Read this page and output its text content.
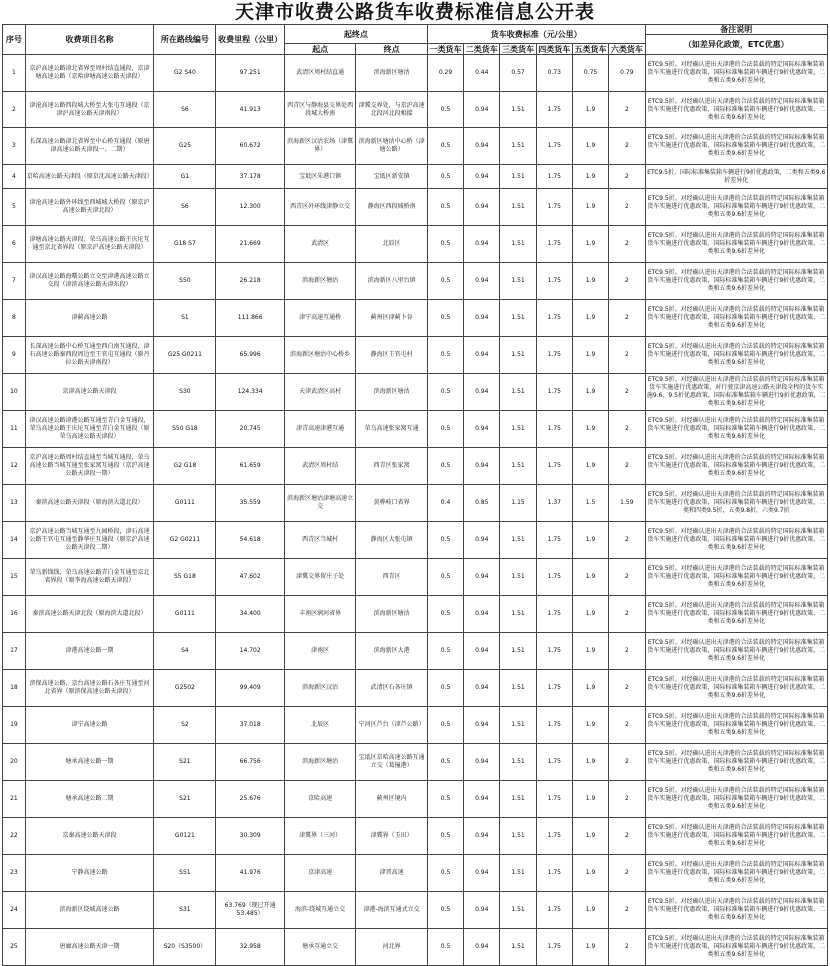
天津市收费公路货车收费标准信息公开表
序号	收费项目名称	所在路线编号	收费里程（公里）	起终点		货车收费标准（元/公里）						备注说明
												（如差异化政策，ETC优惠）
				起点	终点	一类货车	二类货车	三类货车	四类货车	五类货车	六类货车	
1	京沪高速公路津北省界至周村结直通段，京津塘高速公路（京哈津塘高速公路天津段）	G2 S40	97.251	武清区周村结直通	滨海新区塘沽	0.29	0.44	0.57	0.73	0.75	0.79	ETC9.5折。对经确认进出天津港的合法装载的特定国际标准集装箱货车实施进行优惠政策，国际标准集装箱车辆进行9折优惠政策，二类和五类9.6折差异化
2	津沧高速公路西段城大桥至大张屯互通段（京津沪高速公路天津南段）	S6	41.913	西青区与静海县交界处西段城大桥南	津冀交界处，与京沪高速北段河北段相接	0.5	0.94	1.51	1.75	1.9	2	ETC9.5折。对经确认进出天津港的合法装载的特定国际标准集装箱货车实施进行优惠政策，国际标准集装箱车辆进行9折优惠政策，二类和五类9.6折差异化
3	长深高速公路津北省界至中心桥互通段（原唐津高速公路天津段一、二期）	G25	60.672	滨海新区汉沽农场（津冀界）	滨海新区塘沽中心桥（津塘公路）	0.5	0.94	1.51	1.75	1.9	2	ETC9.5折。对经确认进出天津港的合法装载的特定国际标准集装箱货车实施进行优惠政策，国际标准集装箱车辆进行9折优惠政策，二类和五类9.6折差异化
4	京哈高速公路天津段（原京沈高速公路天津段）	G1	37.178	宝坻区朱港口镇	宝坻区新安镇	0.5	0.94	1.51	1.75	1.9	2	ETC9.5折。国际标准集装箱车辆进行9折优惠政策，二类和五类9.6折差异化
5	津沧高速公路外环线至西城城大桥段（原京沪高速公路天津北段）	S6	12.300	西青区外环线津静立交	静海区西段城桥南	0.5	0.94	1.51	1.75	1.9	2	ETC9.5折。对经确认进出天津港的合法装载的特定国际标准集装箱货车实施进行优惠政策，国际标准集装箱车辆进行9折优惠政策，二类和五类9.6折差异化
6	津塘高速公路天津段、荣乌高速公路王庆坨互通至京北省界段（原京沪高速公路天津段）	G18 S7	21.669	武清区	北辰区	0.5	0.94	1.51	1.75	1.9	2	ETC9.5折。对经确认进出天津港的合法装载的特定国际标准集装箱货车实施进行优惠政策，国际标准集装箱车辆进行9折优惠政策，二类和五类9.6折差异化
7	津汉高速公路海曙公路立交至津港高速公路立交段（津滨高速公路天津东段）	S50	26.218	滨海新区塘沽	滨海新区八里台镇	0.5	0.94	1.51	1.75	1.9	2	ETC9.5折。对经确认进出天津港的合法装载的特定国际标准集装箱货车实施进行优惠政策，国际标准集装箱车辆进行9折优惠政策，二类和五类9.6折差异化
8	津蓟高速公路	S1	111.866	津宁高速互通桥	蓟州区津蓟卜谷	0.5	0.94	1.51	1.75	1.9	2	ETC9.5折。对经确认进出天津港的合法装载的特定国际标准集装箱货车实施进行优惠政策，国际标准集装箱车辆进行9折优惠政策，二类和五类9.6折差异化
9	长深高速公路中心桥互通至西白南互通段，津石高速公路秦西段周边至王官屯互通段（原丹拉公路天津南段）	G25 G0211	65.996	滨海新区塘沽中心桥乡	静海区王官屯村	0.5	0.94	1.51	1.75	1.9	2	ETC9.5折。对经确认进出天津港的合法装载的特定国际标准集装箱货车实施进行优惠政策，国际标准集装箱车辆进行9折优惠政策，二类和五类9.6折差异化
10	京津高速公路天津段	S30	124.334	天津武清区高村	滨海新区塘沽	0.5	0.94	1.51	1.75	1.9	2	ETC9.5折。对经确认进出天津港的合法装载的特定国际标准集装箱货车实施进行优惠政策，对行驶京津高速公路天津段全程的货车实施9.6、9.5折优惠政策，国际标准集装箱车辆进行9折优惠政策，二类和五类9.6折差异化
11	津汉高速公路津港公路互通至青白金互通段，荣乌高速公路王庆坨互通至青白金互通段（原荣乌高速公路天津段）	S50 G18	20.745	津青高速津港互通	荣乌高速张家窝互通	0.5	0.94	1.51	1.75	1.9	2	ETC9.5折。对经确认进出天津港的合法装载的特定国际标准集装箱货车实施进行优惠政策，国际标准集装箱车辆进行9折优惠政策，二类和五类9.6折差异化
12	京沪高速公路周村结直通至当城互通段，荣乌高速公路当城互通至张家窝互通段（京沪高速公路天津段一期）	G2 G18	61.659	武清区周村结	西青区张家窝	0.5	0.94	1.51	1.75	1.9	2	ETC9.5折。对经确认进出天津港的合法装载的特定国际标准集装箱货车实施进行优惠政策，国际标准集装箱车辆进行9折优惠政策，二类和五类9.6折差异化
13	秦滨高速公路天津段（原海滨大道北段）	G0111	35.559	滨海新区塘沽津塘高速立交	黄骅岐口省界	0.4	0.85	1.15	1.37	1.5	1.59	ETC9.5折。对经确认进出天津港的合法装载的特定国际标准集装箱货车实施进行优惠政策，国际标准集装箱车辆进行9折优惠政策，二类和四类9.5折，五类9.8折，六类9.7折
14	京沪高速公路当城互通至九园桥段，津石高速公路王官屯互通至静华庄互通段（原京沪高速公路天津段二期）	G2 G0211	54.618	西青区当城村	静海区大张屯镇	0.5	0.94	1.51	1.75	1.9	2	ETC9.5折。对经确认进出天津港的合法装载的特定国际标准集装箱货车实施进行优惠政策，国际标准集装箱车辆进行9折优惠政策，二类和五类9.6折差异化
15	荣乌新线线，荣乌高速公路青白金互通至京北省界段（原李海高速公路天津段）	S5 G18	47.602	津冀交界留庄子处	西青区	0.5	0.94	1.51	1.75	1.9	2	ETC9.5折。对经确认进出天津港的合法装载的特定国际标准集装箱货车实施进行优惠政策，国际标准集装箱车辆进行9折优惠政策，二类和五类9.6折差异化
16	秦滨高速公路天津北段（原海滨大道北段）	G0111	34.400	丰南区润河省界	滨海新区塘沽	0.5	0.94	1.51	1.75	1.9	2	ETC9.5折。对经确认进出天津港的合法装载的特定国际标准集装箱货车实施进行优惠政策，国际标准集装箱车辆进行9折优惠政策，二类和五类9.6折差异化
17	津港高速公路一期	S4	14.702	津南区	滨海新区大港	0.5	0.94	1.51	1.75	1.9	2	ETC9.5折。对经确认进出天津港的合法装载的特定国际标准集装箱货车实施进行优惠政策，国际标准集装箱车辆进行9折优惠政策，二类和五类9.6折差异化
18	滨保高速公路，京台高速公路石各庄互通至河北省界（原滨保高速公路天津段）	G2502	99.409	滨海新区汉沽	武清区石各庄镇	0.5	0.94	1.51	1.75	1.9	2	ETC9.5折。对经确认进出天津港的合法装载的特定国际标准集装箱货车实施进行优惠政策，国际标准集装箱车辆进行9折优惠政策，二类和五类9.6折差异化
19	津宁高速公路	S2	37.018	北辰区	宁河区芦台（津芦公路）	0.5	0.94	1.51	1.75	1.9	2	ETC9.5折。对经确认进出天津港的合法装载的特定国际标准集装箱货车实施进行优惠政策，国际标准集装箱车辆进行9折优惠政策，二类和五类9.6折差异化
20	塘承高速公路一期	S21	66.756	滨海新区塘沽	宝坻区京哈高速公路互通立交（葛撞港）	0.5	0.94	1.51	1.75	1.9	2	ETC9.5折。对经确认进出天津港的合法装载的特定国际标准集装箱货车实施进行优惠政策，国际标准集装箱车辆进行9折优惠政策，二类和五类9.6折差异化
21	塘承高速公路二期	S21	25.676	京哈高速	蓟州区境内	0.5	0.94	1.51	1.75	1.9	2	ETC9.5折。对经确认进出天津港的合法装载的特定国际标准集装箱货车实施进行优惠政策，国际标准集装箱车辆进行9折优惠政策，二类和五类9.6折差异化
22	京秦高速公路天津段	G0121	30.309	津冀界（三河）	津冀界（玉田）	0.5	0.94	1.51	1.75	1.9	2	ETC9.5折。对经确认进出天津港的合法装载的特定国际标准集装箱货车实施进行优惠政策，国际标准集装箱车辆进行9折优惠政策，二类和五类9.6折差异化
23	宁静高速公路	S51	41.976	京津高速	津晋高速	0.5	0.94	1.51	1.75	1.9	2	ETC9.5折。对经确认进出天津港的合法装载的特定国际标准集装箱货车实施进行优惠政策，国际标准集装箱车辆进行9折优惠政策，二类和五类9.6折差异化
24	滨海新区绕城高速公路	S31	63.769（现已开通53.485）	海滨-绕城互通立交	津港-海滨互通式立交	0.5	0.94	1.51	1.75	1.9	2	ETC9.5折。对经确认进出天津港的合法装载的特定国际标准集装箱货车实施进行优惠政策，国际标准集装箱车辆进行9折优惠政策，二类和五类9.6折差异化
25	唐廊高速公路天津一期	S20（S3500）	32.958	塘承互通立交	河北界	0.5	0.94	1.51	1.75	1.9	2	ETC9.5折。对经确认进出天津港的合法装载的特定国际标准集装箱货车实施进行优惠政策，国际标准集装箱车辆进行9折优惠政策，二类和五类9.6折差异化
